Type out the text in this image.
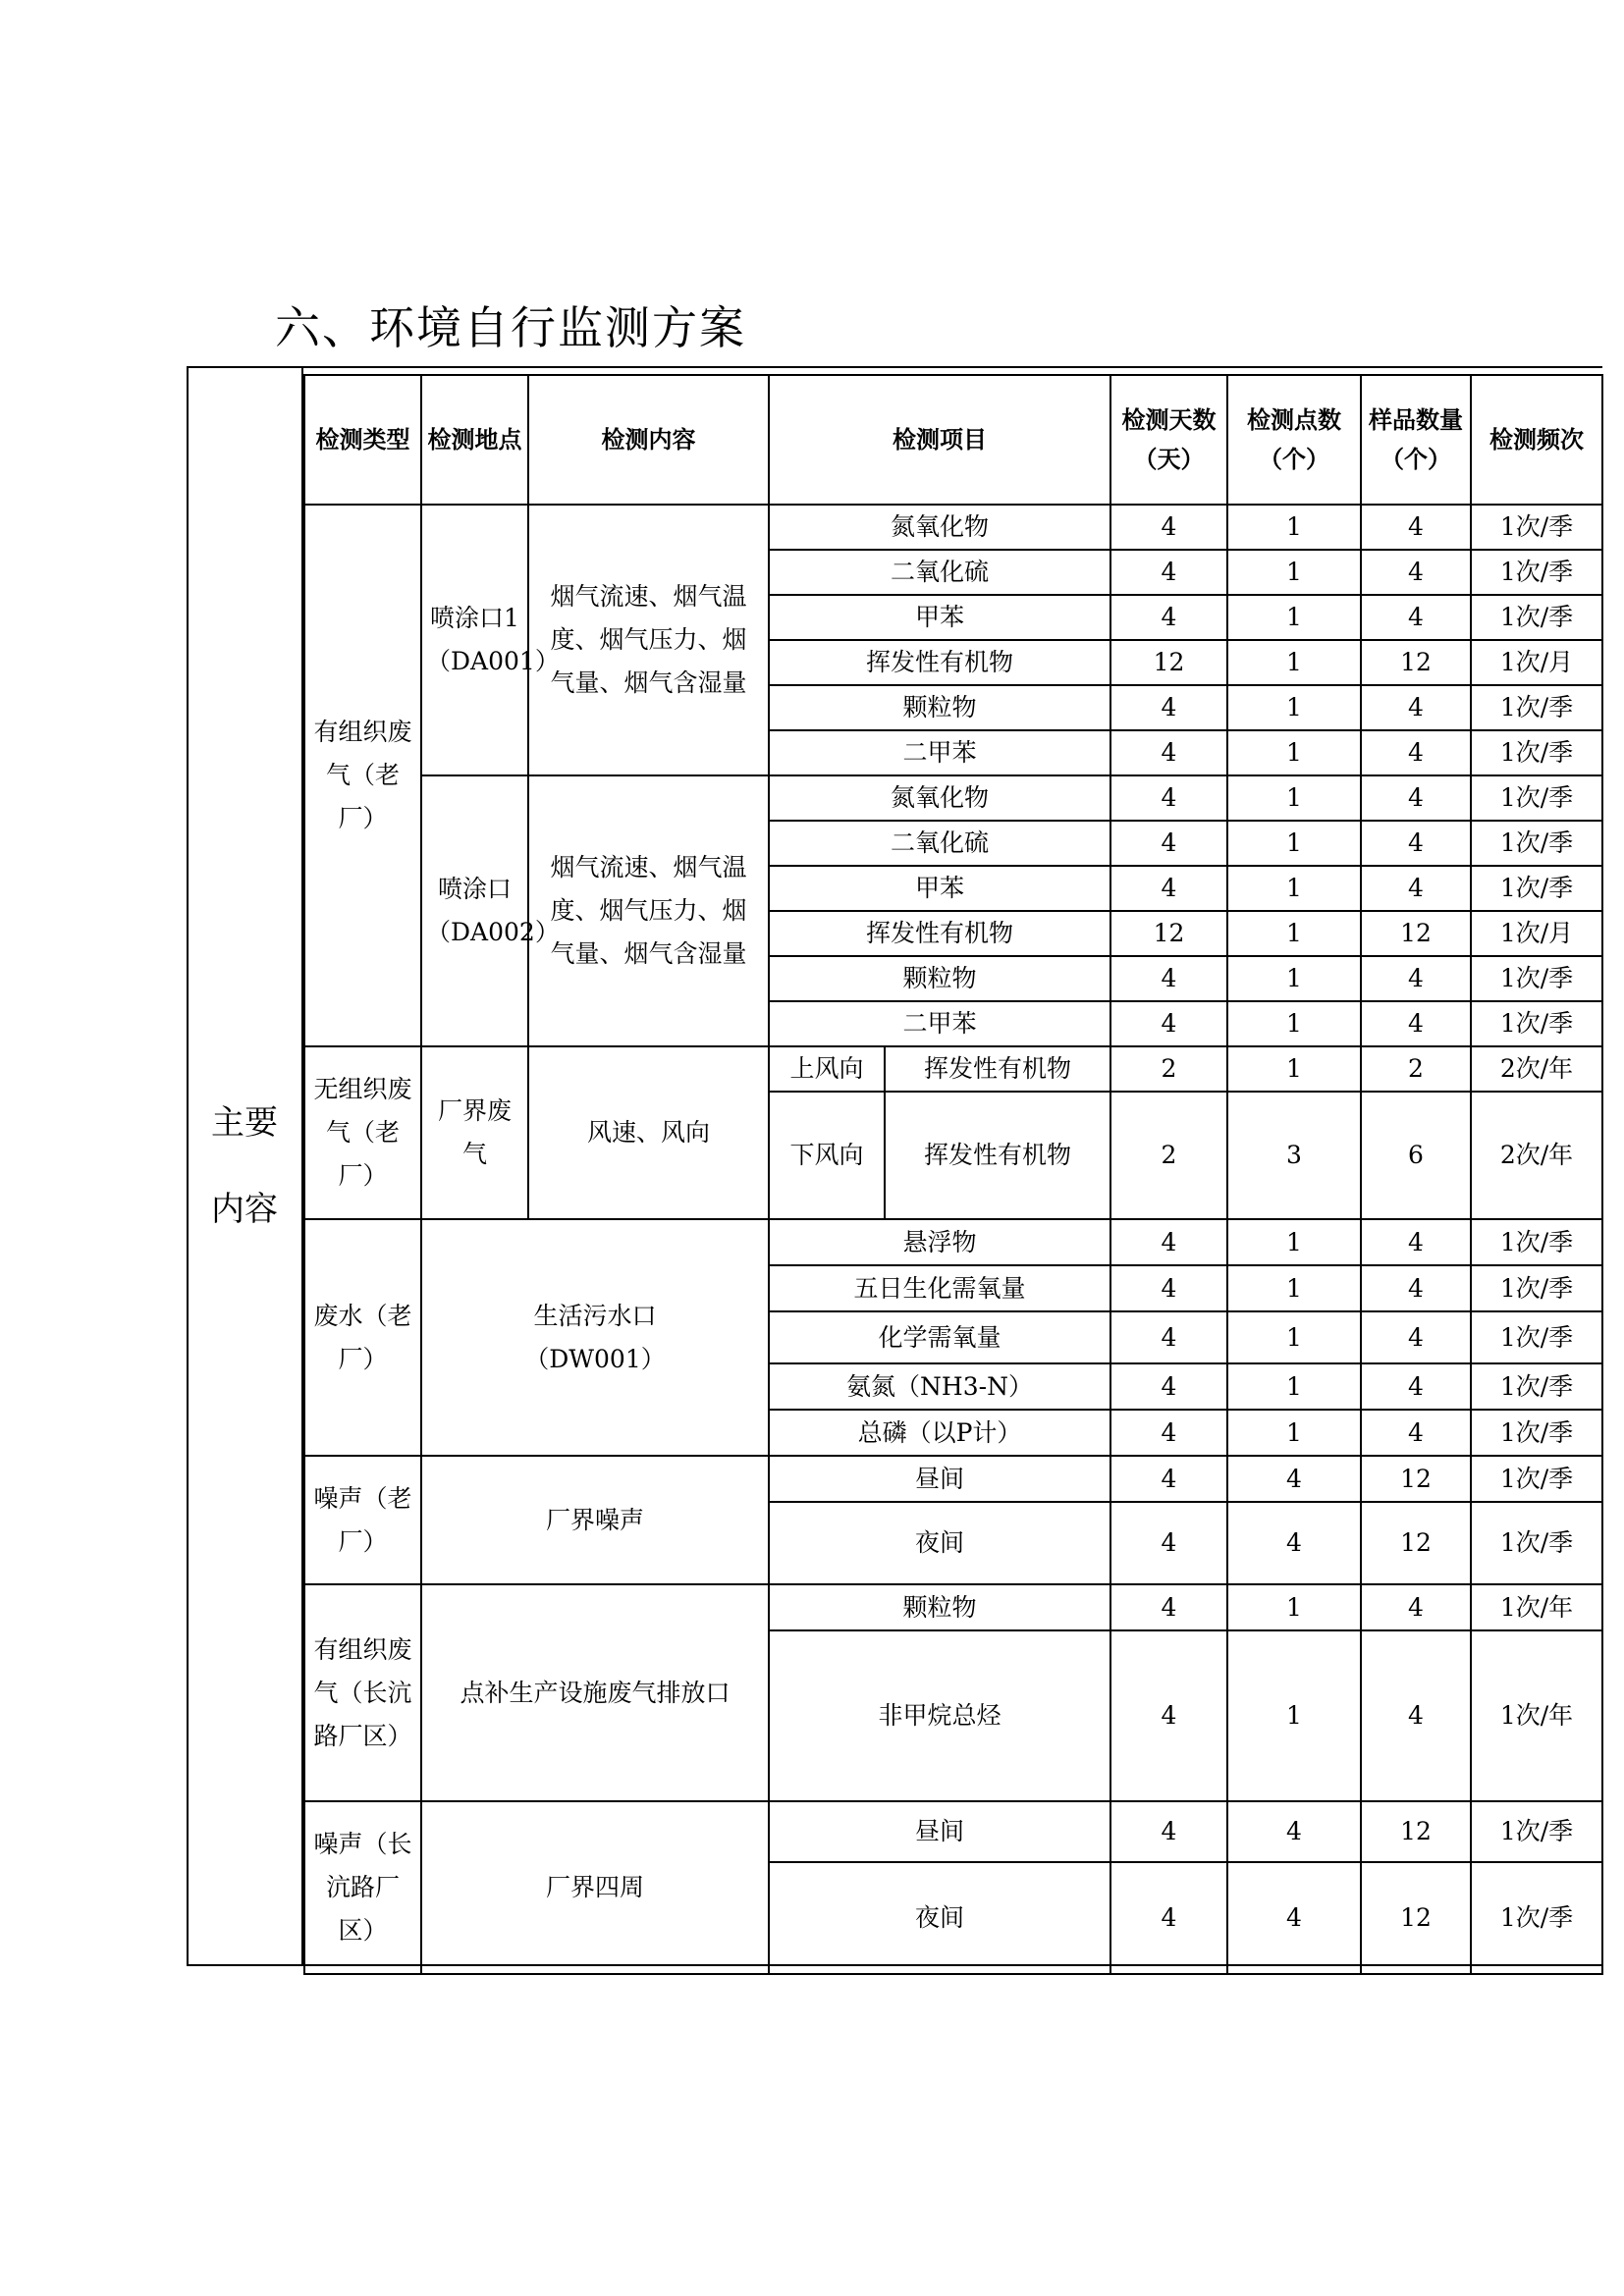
六、环境自行监测方案
主要内容
检测类型	检测地点	检测内容	检测项目		检测天数（天）	检测点数（个）	样品数量（个）	检测频次
有组织废气（老厂）	喷涂口1（DA001）	烟气流速、烟气温度、烟气压力、烟气量、烟气含湿量	氮氧化物		4	1	4	1次/季
			二氧化硫		4	1	4	1次/季
			甲苯		4	1	4	1次/季
			挥发性有机物		12	1	12	1次/月
			颗粒物		4	1	4	1次/季
			二甲苯		4	1	4	1次/季
	喷涂口（DA002）	烟气流速、烟气温度、烟气压力、烟气量、烟气含湿量	氮氧化物		4	1	4	1次/季
			二氧化硫		4	1	4	1次/季
			甲苯		4	1	4	1次/季
			挥发性有机物		12	1	12	1次/月
			颗粒物		4	1	4	1次/季
			二甲苯		4	1	4	1次/季
无组织废气（老厂）	厂界废气	风速、风向	上风向	挥发性有机物	2	1	2	2次/年
			下风向	挥发性有机物	2	3	6	2次/年
废水（老厂）	生活污水口（DW001）		悬浮物		4	1	4	1次/季
			五日生化需氧量		4	1	4	1次/季
			化学需氧量		4	1	4	1次/季
			氨氮（NH3-N）		4	1	4	1次/季
			总磷（以P计）		4	1	4	1次/季
噪声（老厂）	厂界噪声		昼间		4	4	12	1次/季
			夜间		4	4	12	1次/季
有组织废气（长沆路厂区）	点补生产设施废气排放口		颗粒物		4	1	4	1次/年
			非甲烷总烃		4	1	4	1次/年
噪声（长沆路厂区）	厂界四周		昼间		4	4	12	1次/季
			夜间		4	4	12	1次/季
